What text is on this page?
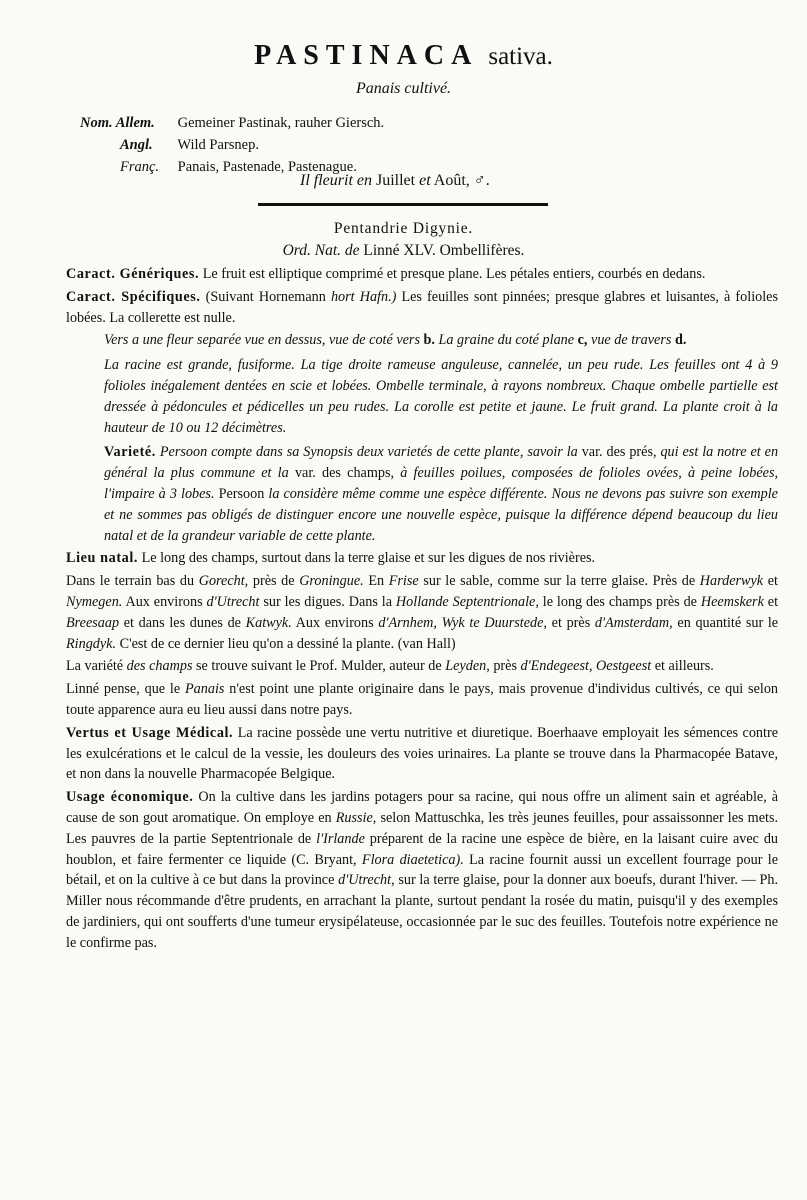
PASTINACA sativa.
Panais cultivé.
Nom. Allem. Gemeiner Pastinak, rauher Giersch.
Angl. Wild Parsnep.
Franç. Panais, Pastenade, Pastenague.
Il fleurit en Juillet et Août, ♂.
Pentandrie Digynie.
Ord. Nat. de Linné XLV. Ombellifères.

Caract. Génériques. Le fruit est elliptique comprimé et presque plane. Les pétales entiers, courbés en dedans.

Caract. Spécifiques. (Suivant Hornemann hort Hafn.) Les feuilles sont pinnées; presque glabres et luisantes, à folioles lobées. La collerette est nulle.

Vers a une fleur separée vue en dessus, vue de coté vers b. La graine du coté plane c, vue de travers d.

La racine est grande, fusiforme. La tige droite rameuse anguleuse, cannelée, un peu rude. Les feuilles ont 4 à 9 folioles inégalement dentées en scie et lobées. Ombelle terminale, à rayons nombreux. Chaque ombelle partielle est dressée à pédoncules et pédicelles un peu rudes. La corolle est petite et jaune. Le fruit grand. La plante croit à la hauteur de 10 ou 12 décimètres.

Varieté. Persoon compte dans sa Synopsis deux varietés de cette plante, savoir la var. des prés, qui est la notre et en général la plus commune et la var. des champs, à feuilles poilues, composées de folioles ovées, à peine lobées, l'impaire à 3 lobes. Persoon la considère même comme une espèce différente. Nous ne devons pas suivre son exemple et ne sommes pas obligés de distinguer encore une nouvelle espèce, puisque la différence dépend beaucoup du lieu natal et de la grandeur variable de cette plante.

Lieu natal. Le long des champs, surtout dans la terre glaise et sur les digues de nos rivières.

Dans le terrain bas du Gorecht, près de Groningue. En Frise sur le sable, comme sur la terre glaise. Près de Harderwyk et Nymegen. Aux environs d'Utrecht sur les digues. Dans la Hollande Septentrionale, le long des champs près de Heemskerk et Breesaap et dans les dunes de Katwyk. Aux environs d'Arnhem, Wyk te Duurstede, et près d'Amsterdam, en quantité sur le Ringdyk. C'est de ce dernier lieu qu'on a dessiné la plante. (van Hall)

La variété des champs se trouve suivant le Prof. Mulder, auteur de Leyden, près d'Endegeest, Oestgeest et ailleurs.

Linné pense, que le Panais n'est point une plante originaire dans le pays, mais provenue d'individus cultivés, ce qui selon toute apparence aura eu lieu aussi dans notre pays.

Vertus et Usage Médical. La racine possède une vertu nutritive et diuretique. Boerhaave employait les sémences contre les exulcérations et le calcul de la vessie, les douleurs des voies urinaires. La plante se trouve dans la Pharmacopée Batave, et non dans la nouvelle Pharmacopée Belgique.

Usage économique. On la cultive dans les jardins potagers pour sa racine, qui nous offre un aliment sain et agréable, à cause de son gout aromatique. On employe en Russie, selon Mattuschka, les très jeunes feuilles, pour assaissonner les mets. Les pauvres de la partie Septentrionale de l'Irlande préparent de la racine une espèce de bière, en la laisant cuire avec du houblon, et faire fermenter ce liquide (C. Bryant, Flora diaetetica). La racine fournit aussi un excellent fourrage pour le bétail, et on la cultive à ce but dans la province d'Utrecht, sur la terre glaise, pour la donner aux boeufs, durant l'hiver. — Ph. Miller nous récommande d'être prudents, en arrachant la plante, surtout pendant la rosée du matin, puisqu'il y des exemples de jardiniers, qui ont soufferts d'une tumeur erysipélateuse, occasionnée par le suc des feuilles. Toutefois notre expérience ne le confirme pas.
